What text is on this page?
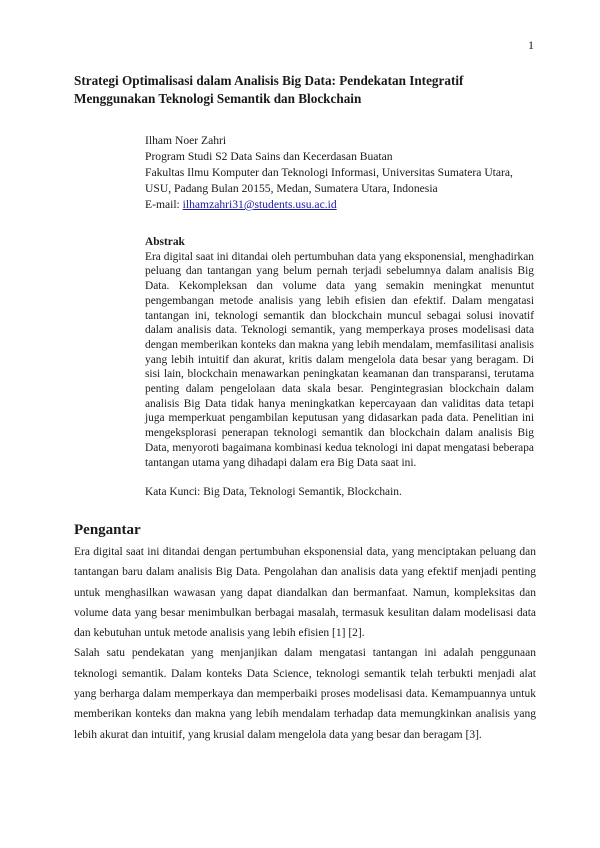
1
Strategi Optimalisasi dalam Analisis Big Data: Pendekatan Integratif Menggunakan Teknologi Semantik dan Blockchain
Ilham Noer Zahri
Program Studi S2 Data Sains dan Kecerdasan Buatan
Fakultas Ilmu Komputer dan Teknologi Informasi, Universitas Sumatera Utara,
USU, Padang Bulan 20155, Medan, Sumatera Utara, Indonesia
E-mail: ilhamzahri31@students.usu.ac.id
Abstrak

Era digital saat ini ditandai oleh pertumbuhan data yang eksponensial, menghadirkan peluang dan tantangan yang belum pernah terjadi sebelumnya dalam analisis Big Data. Kekompleksan dan volume data yang semakin meningkat menuntut pengembangan metode analisis yang lebih efisien dan efektif. Dalam mengatasi tantangan ini, teknologi semantik dan blockchain muncul sebagai solusi inovatif dalam analisis data. Teknologi semantik, yang memperkaya proses modelisasi data dengan memberikan konteks dan makna yang lebih mendalam, memfasilitasi analisis yang lebih intuitif dan akurat, kritis dalam mengelola data besar yang beragam. Di sisi lain, blockchain menawarkan peningkatan keamanan dan transparansi, terutama penting dalam pengelolaan data skala besar. Pengintegrasian blockchain dalam analisis Big Data tidak hanya meningkatkan kepercayaan dan validitas data tetapi juga memperkuat pengambilan keputusan yang didasarkan pada data. Penelitian ini mengeksplorasi penerapan teknologi semantik dan blockchain dalam analisis Big Data, menyoroti bagaimana kombinasi kedua teknologi ini dapat mengatasi beberapa tantangan utama yang dihadapi dalam era Big Data saat ini.

Kata Kunci: Big Data, Teknologi Semantik, Blockchain.
Pengantar

Era digital saat ini ditandai dengan pertumbuhan eksponensial data, yang menciptakan peluang dan tantangan baru dalam analisis Big Data. Pengolahan dan analisis data yang efektif menjadi penting untuk menghasilkan wawasan yang dapat diandalkan dan bermanfaat. Namun, kompleksitas dan volume data yang besar menimbulkan berbagai masalah, termasuk kesulitan dalam modelisasi data dan kebutuhan untuk metode analisis yang lebih efisien [1] [2].

Salah satu pendekatan yang menjanjikan dalam mengatasi tantangan ini adalah penggunaan teknologi semantik. Dalam konteks Data Science, teknologi semantik telah terbukti menjadi alat yang berharga dalam memperkaya dan memperbaiki proses modelisasi data. Kemampuannya untuk memberikan konteks dan makna yang lebih mendalam terhadap data memungkinkan analisis yang lebih akurat dan intuitif, yang krusial dalam mengelola data yang besar dan beragam [3].
